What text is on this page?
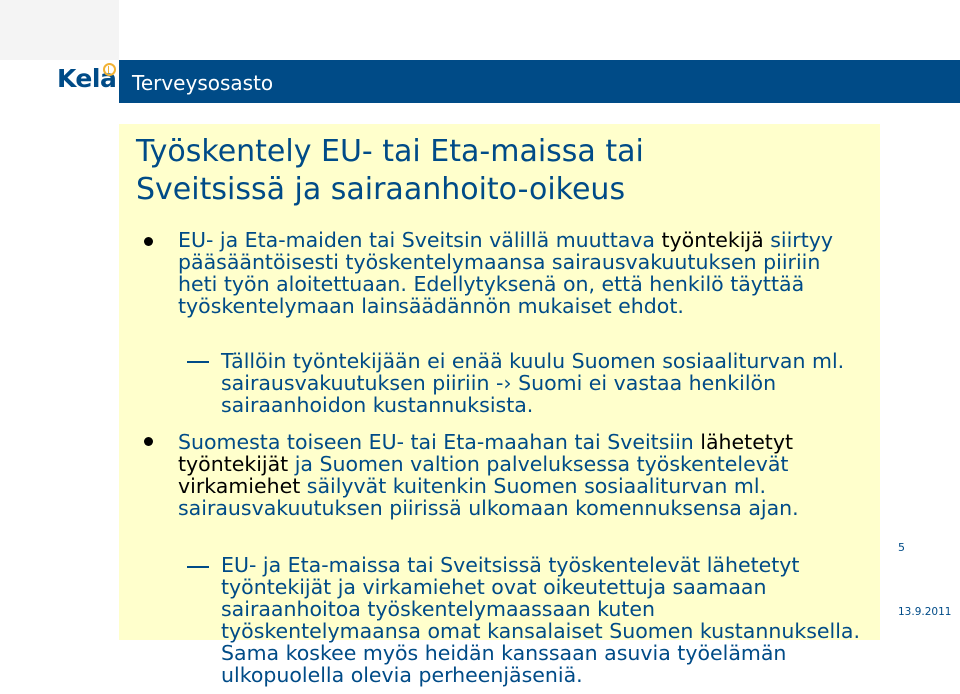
Kela Terveysosasto
Työskentely EU- tai Eta-maissa tai
Sveitsissä ja sairaanhoito-oikeus

EU- ja Eta-maiden tai Sveitsin välillä muuttava työntekijä siirtyy pääsääntöisesti työskentelymaansa sairausvakuutuksen piiriin heti työn aloitettuaan. Edellytyksenä on, että henkilö täyttää työskentelymaan lainsäädännön mukaiset ehdot.

Tällöin työntekijään ei enää kuulu Suomen sosiaaliturvan ml. sairausvakuutuksen piiriin -› Suomi ei vastaa henkilön sairaanhoidon kustannuksista.

Suomesta toiseen EU- tai Eta-maahan tai Sveitsiin lähetetyt työntekijät ja Suomen valtion palveluksessa työskentelevät virkamiehet säilyvät kuitenkin Suomen sosiaaliturvan ml. sairausvakuutuksen piirissä ulkomaan komennuksensa ajan.

EU- ja Eta-maissa tai Sveitsissä työskentelevät lähetetyt työntekijät ja virkamiehet ovat oikeutettuja saamaan sairaanhoitoa työskentelymaassaan kuten työskentelymaansa omat kansalaiset Suomen kustannuksella. Sama koskee myös heidän kanssaan asuvia työelämän ulkopuolella olevia perheenjäseniä.

5
13.9.2011
